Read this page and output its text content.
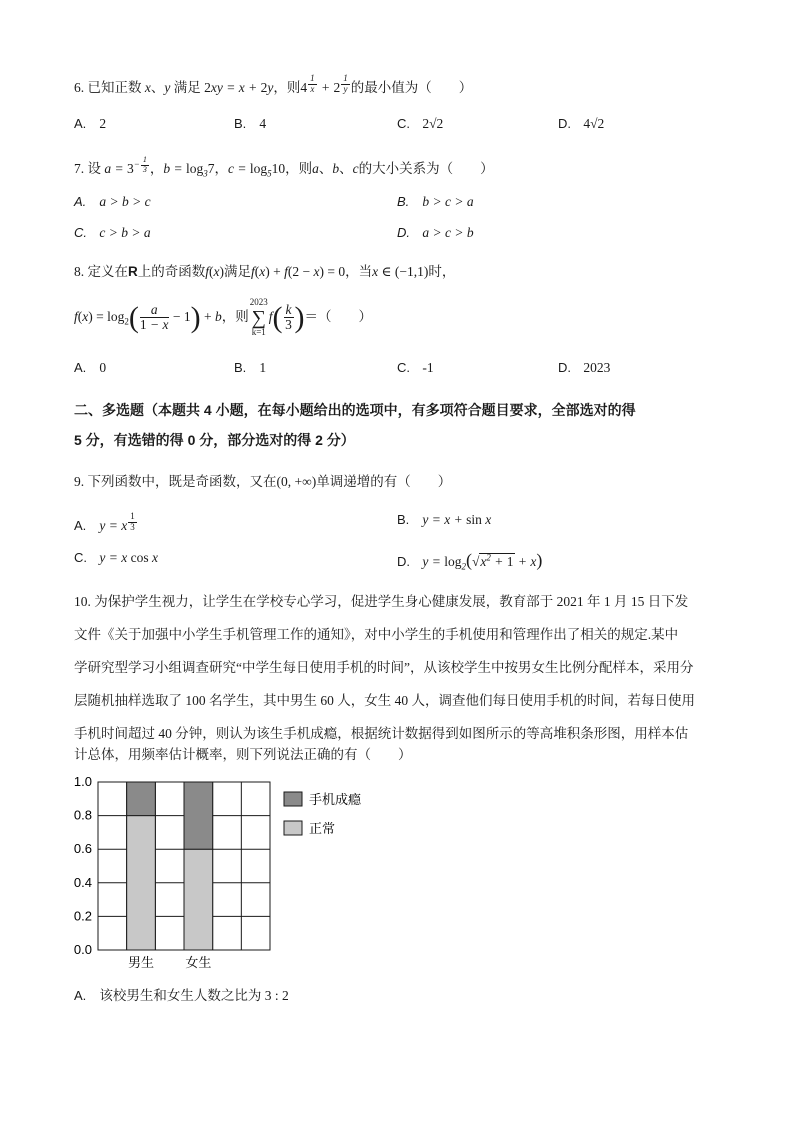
6. 已知正数 x、y 满足 2xy = x + 2y，则4 $^{\frac{1}{x}}$ + 2 $^{\frac{1}{y}}$ 的最小值为（　　）
A. 2	B. 4	C. 2√2	D. 4√2
7. 设 $a = 3^{- \frac{1}{3}}$ ，$b = \log_37$，$c = \log_510$，则a、b、c的大小关系为（　　）
A. a > b > c	B. b > c > a
C. c > b > a	D. a > c > b
8. 定义在R上的奇函数f(x)满足f(x) + f(2 − x) = 0，当x ∈ (−1,1)时，
$f(x) = \log_2( \frac{a}{1 - x} - 1) + b$，则
2023
∑
k=1
$f( \frac{k}{3}$ )＝（　　）
A. 0	B. 1	C. -1	D. 2023
二、多选题（本题共 4 小题，在每小题给出的选项中，有多项符合题目要求，全部选对的得
5 分，有选错的得 0 分，部分选对的得 2 分）
9. 下列函数中，既是奇函数，又在(0, +∞)单调递增的有（　　）
A. y = x $^{\frac{1}{3}}$	B. y = x + sin x
C. y = x cos x	D. $y = \log_2(√x^2 + 1 + x)$
10. 为保护学生视力，让学生在学校专心学习，促进学生身心健康发展，教育部于 2021 年 1 月 15 日下发
文件《关于加强中小学生手机管理工作的通知》，对中小学生的手机使用和管理作出了相关的规定.某中
学研究型学习小组调查研究“中学生每日使用手机的时间”，从该校学生中按男女生比例分配样本，采用分
层随机抽样选取了 100 名学生，其中男生 60 人，女生 40 人，调查他们每日使用手机的时间，若每日使用
手机时间超过 40 分钟，则认为该生手机成瘾，根据统计数据得到如图所示的等高堆积条形图，用样本估
计总体，用频率估计概率，则下列说法正确的有（　　）
0.0
0.2
0.4
0.6
0.8
1.0
男生 女生
手机成瘾
正常
A. 该校男生和女生人数之比为 3 : 2
